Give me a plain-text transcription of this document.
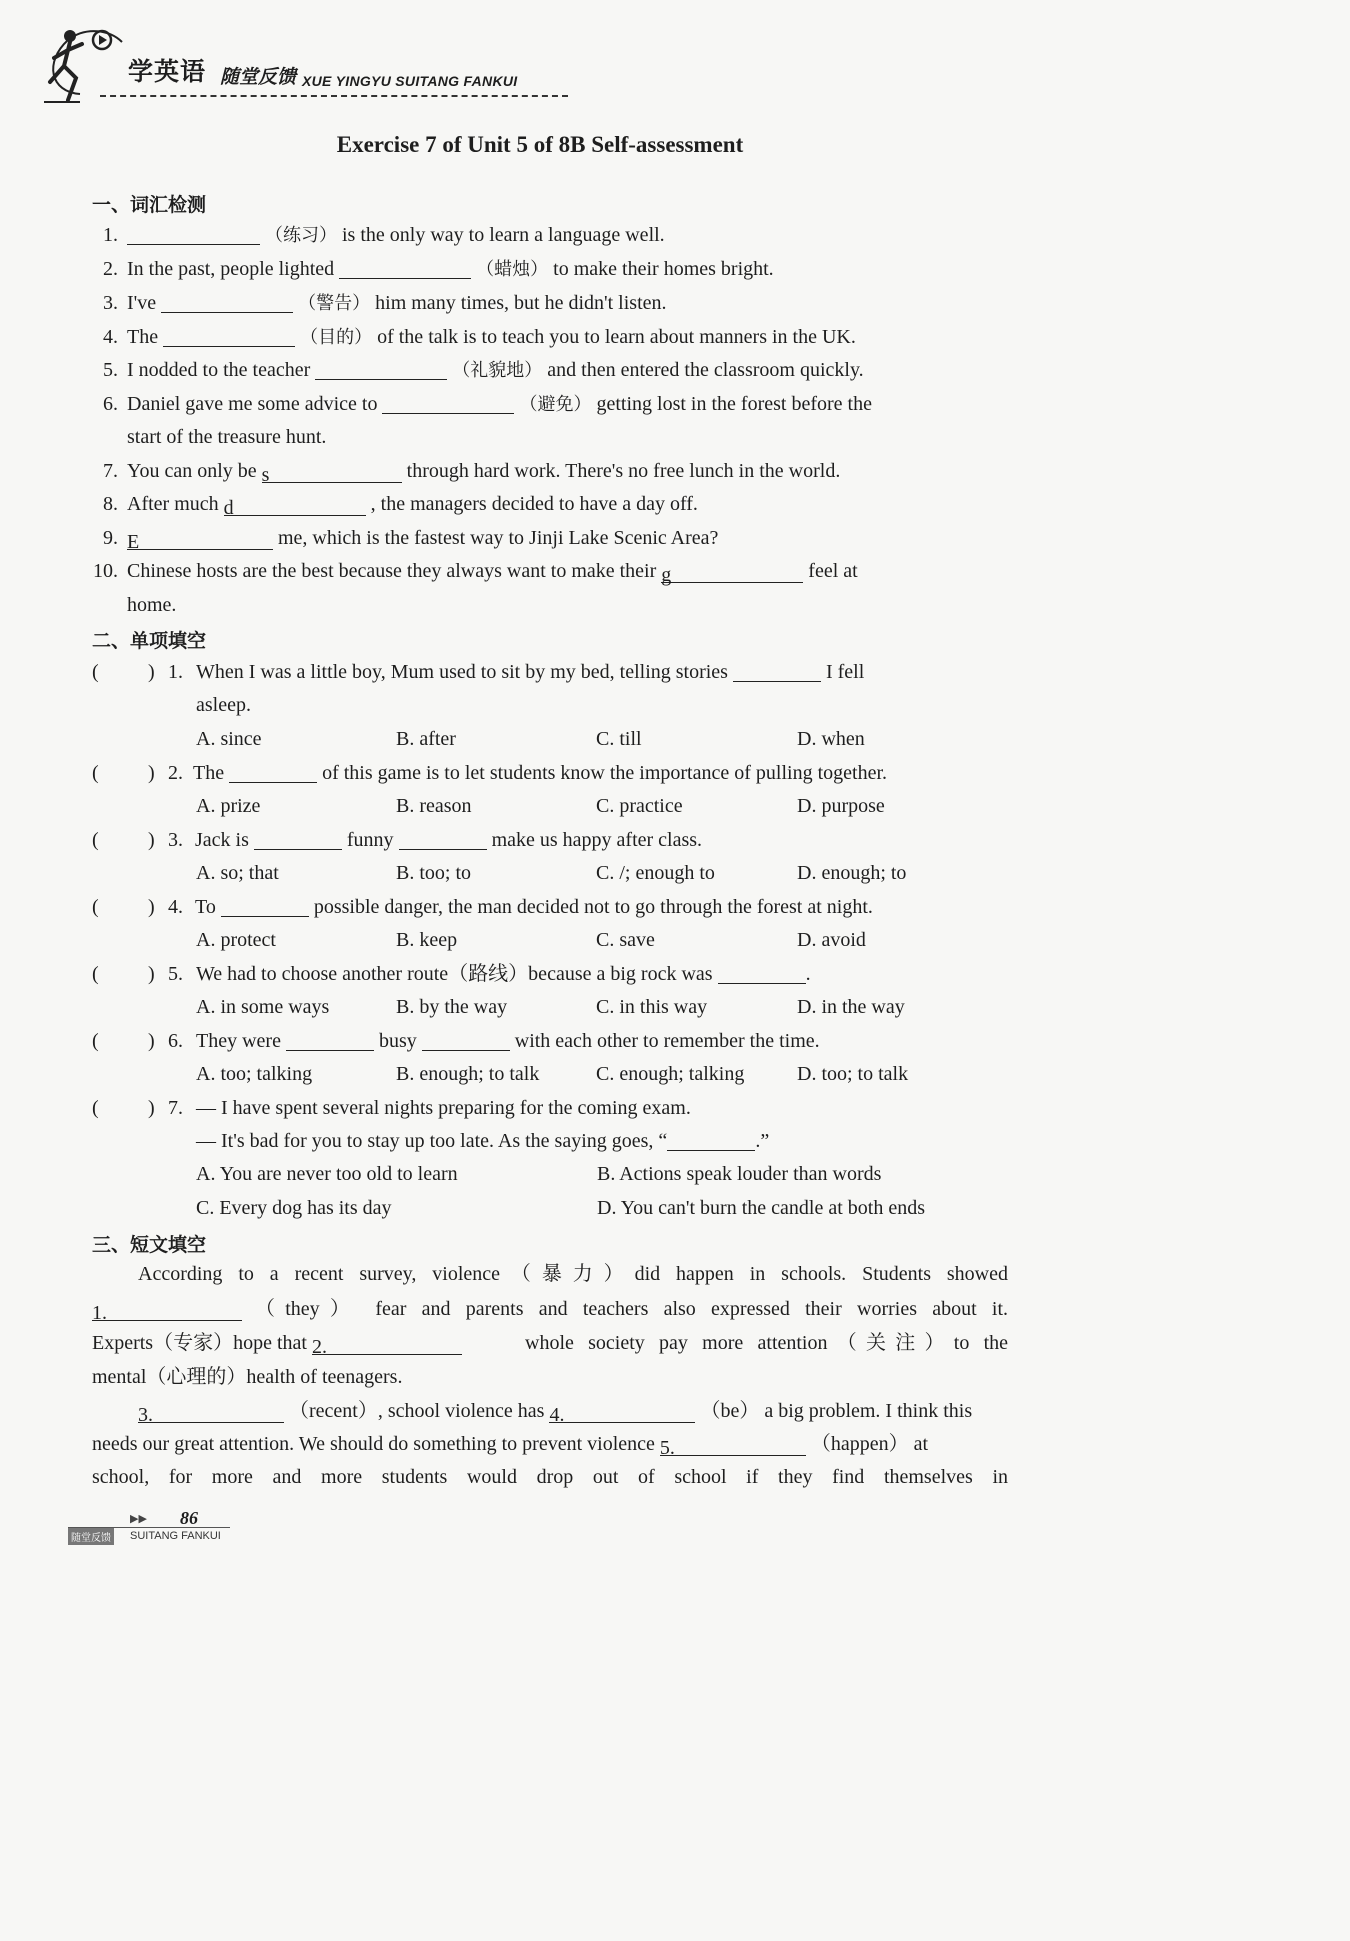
学英语 随堂反馈 XUE YINGYU SUITANG FANKUI
Exercise 7 of Unit 5 of 8B Self-assessment
一、词汇检测
1.	（练习） is the only way to learn a language well.
2. In the past, people lighted	（蜡烛） to make their homes bright.
3. I've	（警告） him many times, but he didn't listen.
4. The	（目的） of the talk is to teach you to learn about manners in the UK.
5. I nodded to the teacher	（礼貌地） and then entered the classroom quickly.
6. Daniel gave me some advice to	（避免） getting lost in the forest before the
start of the treasure hunt.
7. You can only be s	through hard work. There's no free lunch in the world.
8. After much d	, the managers decided to have a day off.
9. E	me, which is the fastest way to Jinji Lake Scenic Area?
10. Chinese hosts are the best because they always want to make their g	feel at
home.
二、单项填空
( ) 1. When I was a little boy, Mum used to sit by my bed, telling stories	I fell
asleep.
A. since	B. after	C. till	D. when
( ) 2. The	of this game is to let students know the importance of pulling together.
A. prize	B. reason	C. practice	D. purpose
( ) 3. Jack is	funny	make us happy after class.
A. so; that	B. too; to	C. /; enough to	D. enough; to
( ) 4. To	possible danger, the man decided not to go through the forest at night.
A. protect	B. keep	C. save	D. avoid
( ) 5. We had to choose another route（路线）because a big rock was	.
A. in some ways	B. by the way	C. in this way	D. in the way
( ) 6. They were	busy	with each other to remember the time.
A. too; talking	B. enough; to talk	C. enough; talking	D. too; to talk
( ) 7. — I have spent several nights preparing for the coming exam.
— It's bad for you to stay up too late. As the saying goes, “	.”
A. You are never too old to learn	B. Actions speak louder than words
C. Every dog has its day	D. You can't burn the candle at both ends
三、短文填空
According to a recent survey, violence（暴力）did happen in schools. Students showed
1.	（they） fear and parents and teachers also expressed their worries about it.
Experts（专家）hope that 2.	whole society pay more attention（关注）to the
mental（心理的）health of teenagers.
3.	（recent）, school violence has 4.	（be） a big problem. I think this
needs our great attention. We should do something to prevent violence 5.	（happen） at
school, for more and more students would drop out of school if they find themselves in
▶▶ 86
随堂反馈 SUITANG FANKUI
